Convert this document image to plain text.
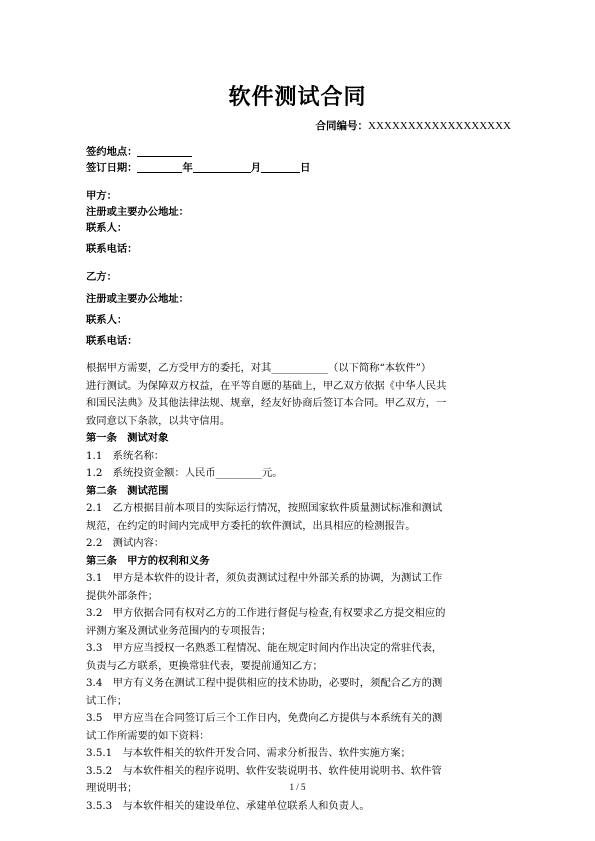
软件测试合同
合同编号：XXXXXXXXXXXXXXXXXX
签约地点：
签订日期：	年	月	日
甲方：
注册或主要办公地址：
联系人：
联系电话：
乙方：
注册或主要办公地址：
联系人：
联系电话：
根据甲方需要，乙方受甲方的委托，对其___________（以下简称“本软件”）
进行测试。为保障双方权益，在平等自愿的基础上，甲乙双方依据《中华人民共
和国民法典》及其他法律法规、规章，经友好协商后签订本合同。甲乙双方，一
致同意以下条款，以共守信用。
第一条　测试对象
1.1　系统名称：
1.2　系统投资金额：人民币_________元。
第二条　测试范围
2.1　乙方根据目前本项目的实际运行情况，按照国家软件质量测试标准和测试
规范，在约定的时间内完成甲方委托的软件测试，出具相应的检测报告。
2.2　测试内容：
第三条　甲方的权利和义务
3.1　甲方是本软件的设计者，须负责测试过程中外部关系的协调，为测试工作
提供外部条件；
3.2　甲方依据合同有权对乙方的工作进行督促与检查,有权要求乙方提交相应的
评测方案及测试业务范围内的专项报告；
3.3　甲方应当授权一名熟悉工程情况、能在规定时间内作出决定的常驻代表，
负责与乙方联系，更换常驻代表，要提前通知乙方；
3.4　甲方有义务在测试工程中提供相应的技术协助，必要时，须配合乙方的测
试工作；
3.5　甲方应当在合同签订后三个工作日内，免费向乙方提供与本系统有关的测
试工作所需要的如下资料：
3.5.1　与本软件相关的软件开发合同、需求分析报告、软件实施方案；
3.5.2　与本软件相关的程序说明、软件安装说明书、软件使用说明书、软件管
理说明书；
3.5.3　与本软件相关的建设单位、承建单位联系人和负责人。
1 / 5
